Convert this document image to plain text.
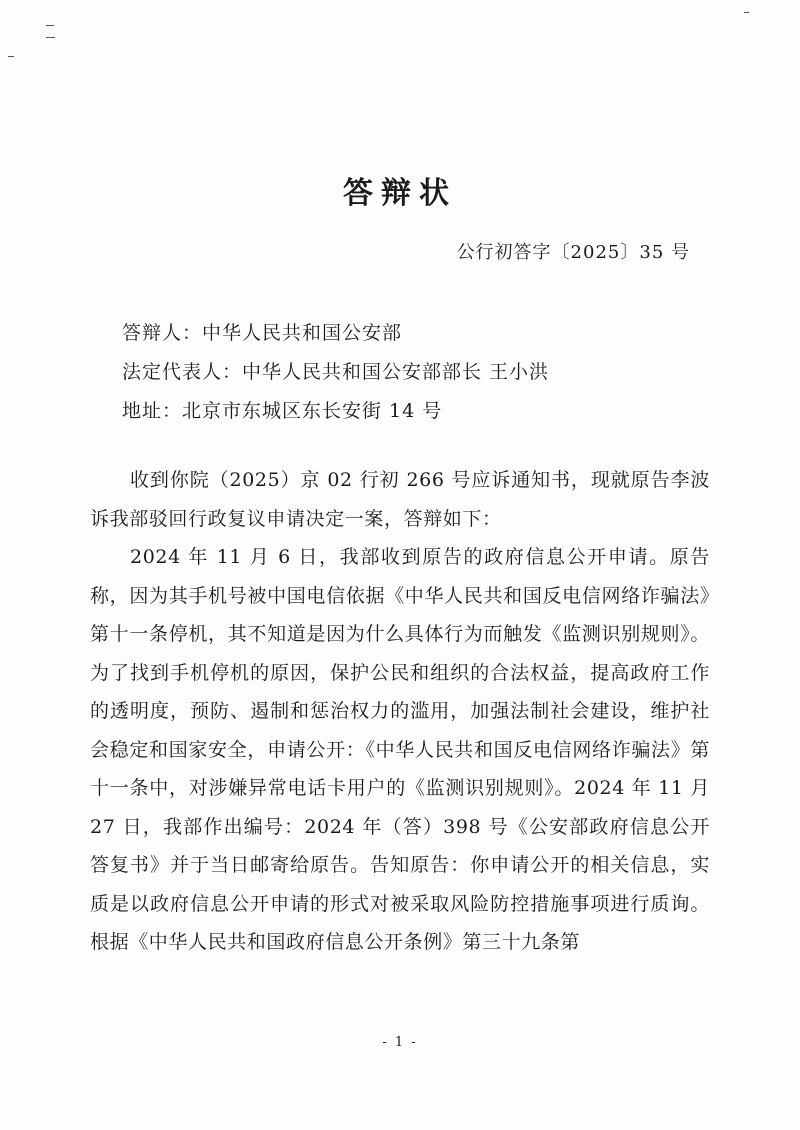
答辩状
公行初答字〔2025〕35 号
答辩人：中华人民共和国公安部
法定代表人：中华人民共和国公安部部长 王小洪
地址：北京市东城区东长安街 14 号
收到你院（2025）京 02 行初 266 号应诉通知书，现就原告李波诉我部驳回行政复议申请决定一案，答辩如下：
2024 年 11 月 6 日，我部收到原告的政府信息公开申请。原告称，因为其手机号被中国电信依据《中华人民共和国反电信网络诈骗法》第十一条停机，其不知道是因为什么具体行为而触发《监测识别规则》。为了找到手机停机的原因，保护公民和组织的合法权益，提高政府工作的透明度，预防、遏制和惩治权力的滥用，加强法制社会建设，维护社会稳定和国家安全，申请公开：《中华人民共和国反电信网络诈骗法》第十一条中，对涉嫌异常电话卡用户的《监测识别规则》。2024 年 11 月 27 日，我部作出编号：2024 年（答）398 号《公安部政府信息公开答复书》并于当日邮寄给原告。告知原告：你申请公开的相关信息，实质是以政府信息公开申请的形式对被采取风险防控措施事项进行质询。根据《中华人民共和国政府信息公开条例》第三十九条第
- 1 -
